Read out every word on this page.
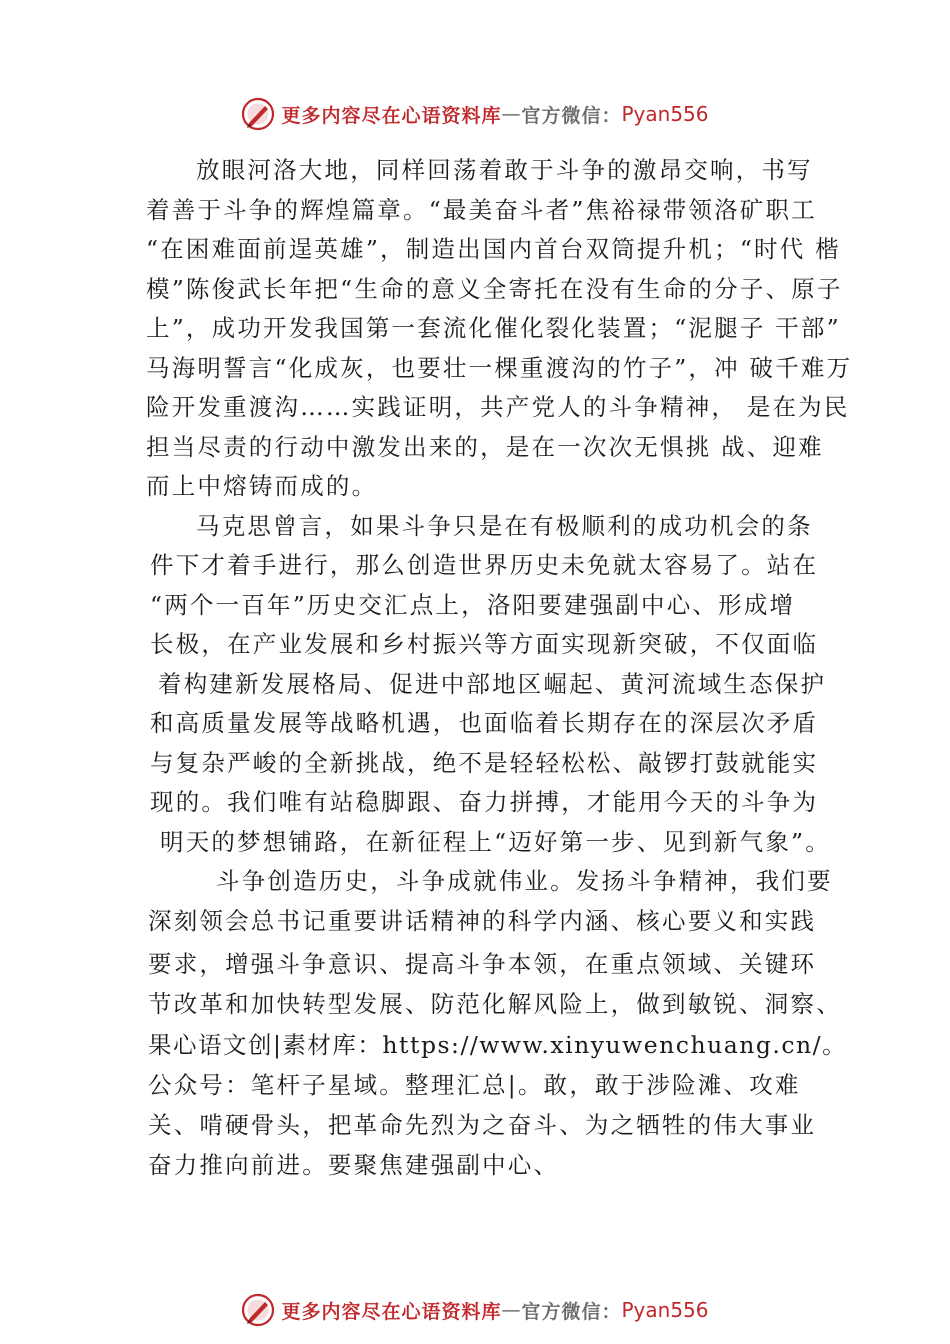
更多内容尽在心语资料库 — 官方微信： Pyan556
放眼河洛大地，同样回荡着敢于斗争的激昂交响，书写
着善于斗争的辉煌篇章。“最美奋斗者”焦裕禄带领洛矿职工
“在困难面前逞英雄”，制造出国内首台双筒提升机；“时代 楷
模”陈俊武长年把“生命的意义全寄托在没有生命的分子、原子
上”，成功开发我国第一套流化催化裂化装置；“泥腿子 干部”
马海明誓言“化成灰，也要壮一棵重渡沟的竹子”，冲 破千难万
险开发重渡沟……实践证明，共产党人的斗争精神， 是在为民
担当尽责的行动中激发出来的，是在一次次无惧挑 战、迎难
而上中熔铸而成的。
马克思曾言，如果斗争只是在有极顺利的成功机会的条
件下才着手进行，那么创造世界历史未免就太容易了。站在
“两个一百年”历史交汇点上，洛阳要建强副中心、形成增
长极，在产业发展和乡村振兴等方面实现新突破，不仅面临
着构建新发展格局、促进中部地区崛起、黄河流域生态保护
和高质量发展等战略机遇，也面临着长期存在的深层次矛盾
与复杂严峻的全新挑战，绝不是轻轻松松、敲锣打鼓就能实
现的。我们唯有站稳脚跟、奋力拼搏，才能用今天的斗争为
明天的梦想铺路，在新征程上“迈好第一步、见到新气象”。
斗争创造历史，斗争成就伟业。发扬斗争精神，我们要
深刻领会总书记重要讲话精神的科学内涵、核心要义和实践
要求，增强斗争意识、提高斗争本领，在重点领域、关键环
节改革和加快转型发展、防范化解风险上，做到敏锐、洞察、
果心语文创|素材库：https://www.xinyuwenchuang.cn/。
公众号：笔杆子星域。整理汇总|。敢，敢于涉险滩、攻难
关、啃硬骨头，把革命先烈为之奋斗、为之牺牲的伟大事业
奋力推向前进。要聚焦建强副中心、
更多内容尽在心语资料库 — 官方微信： Pyan556
